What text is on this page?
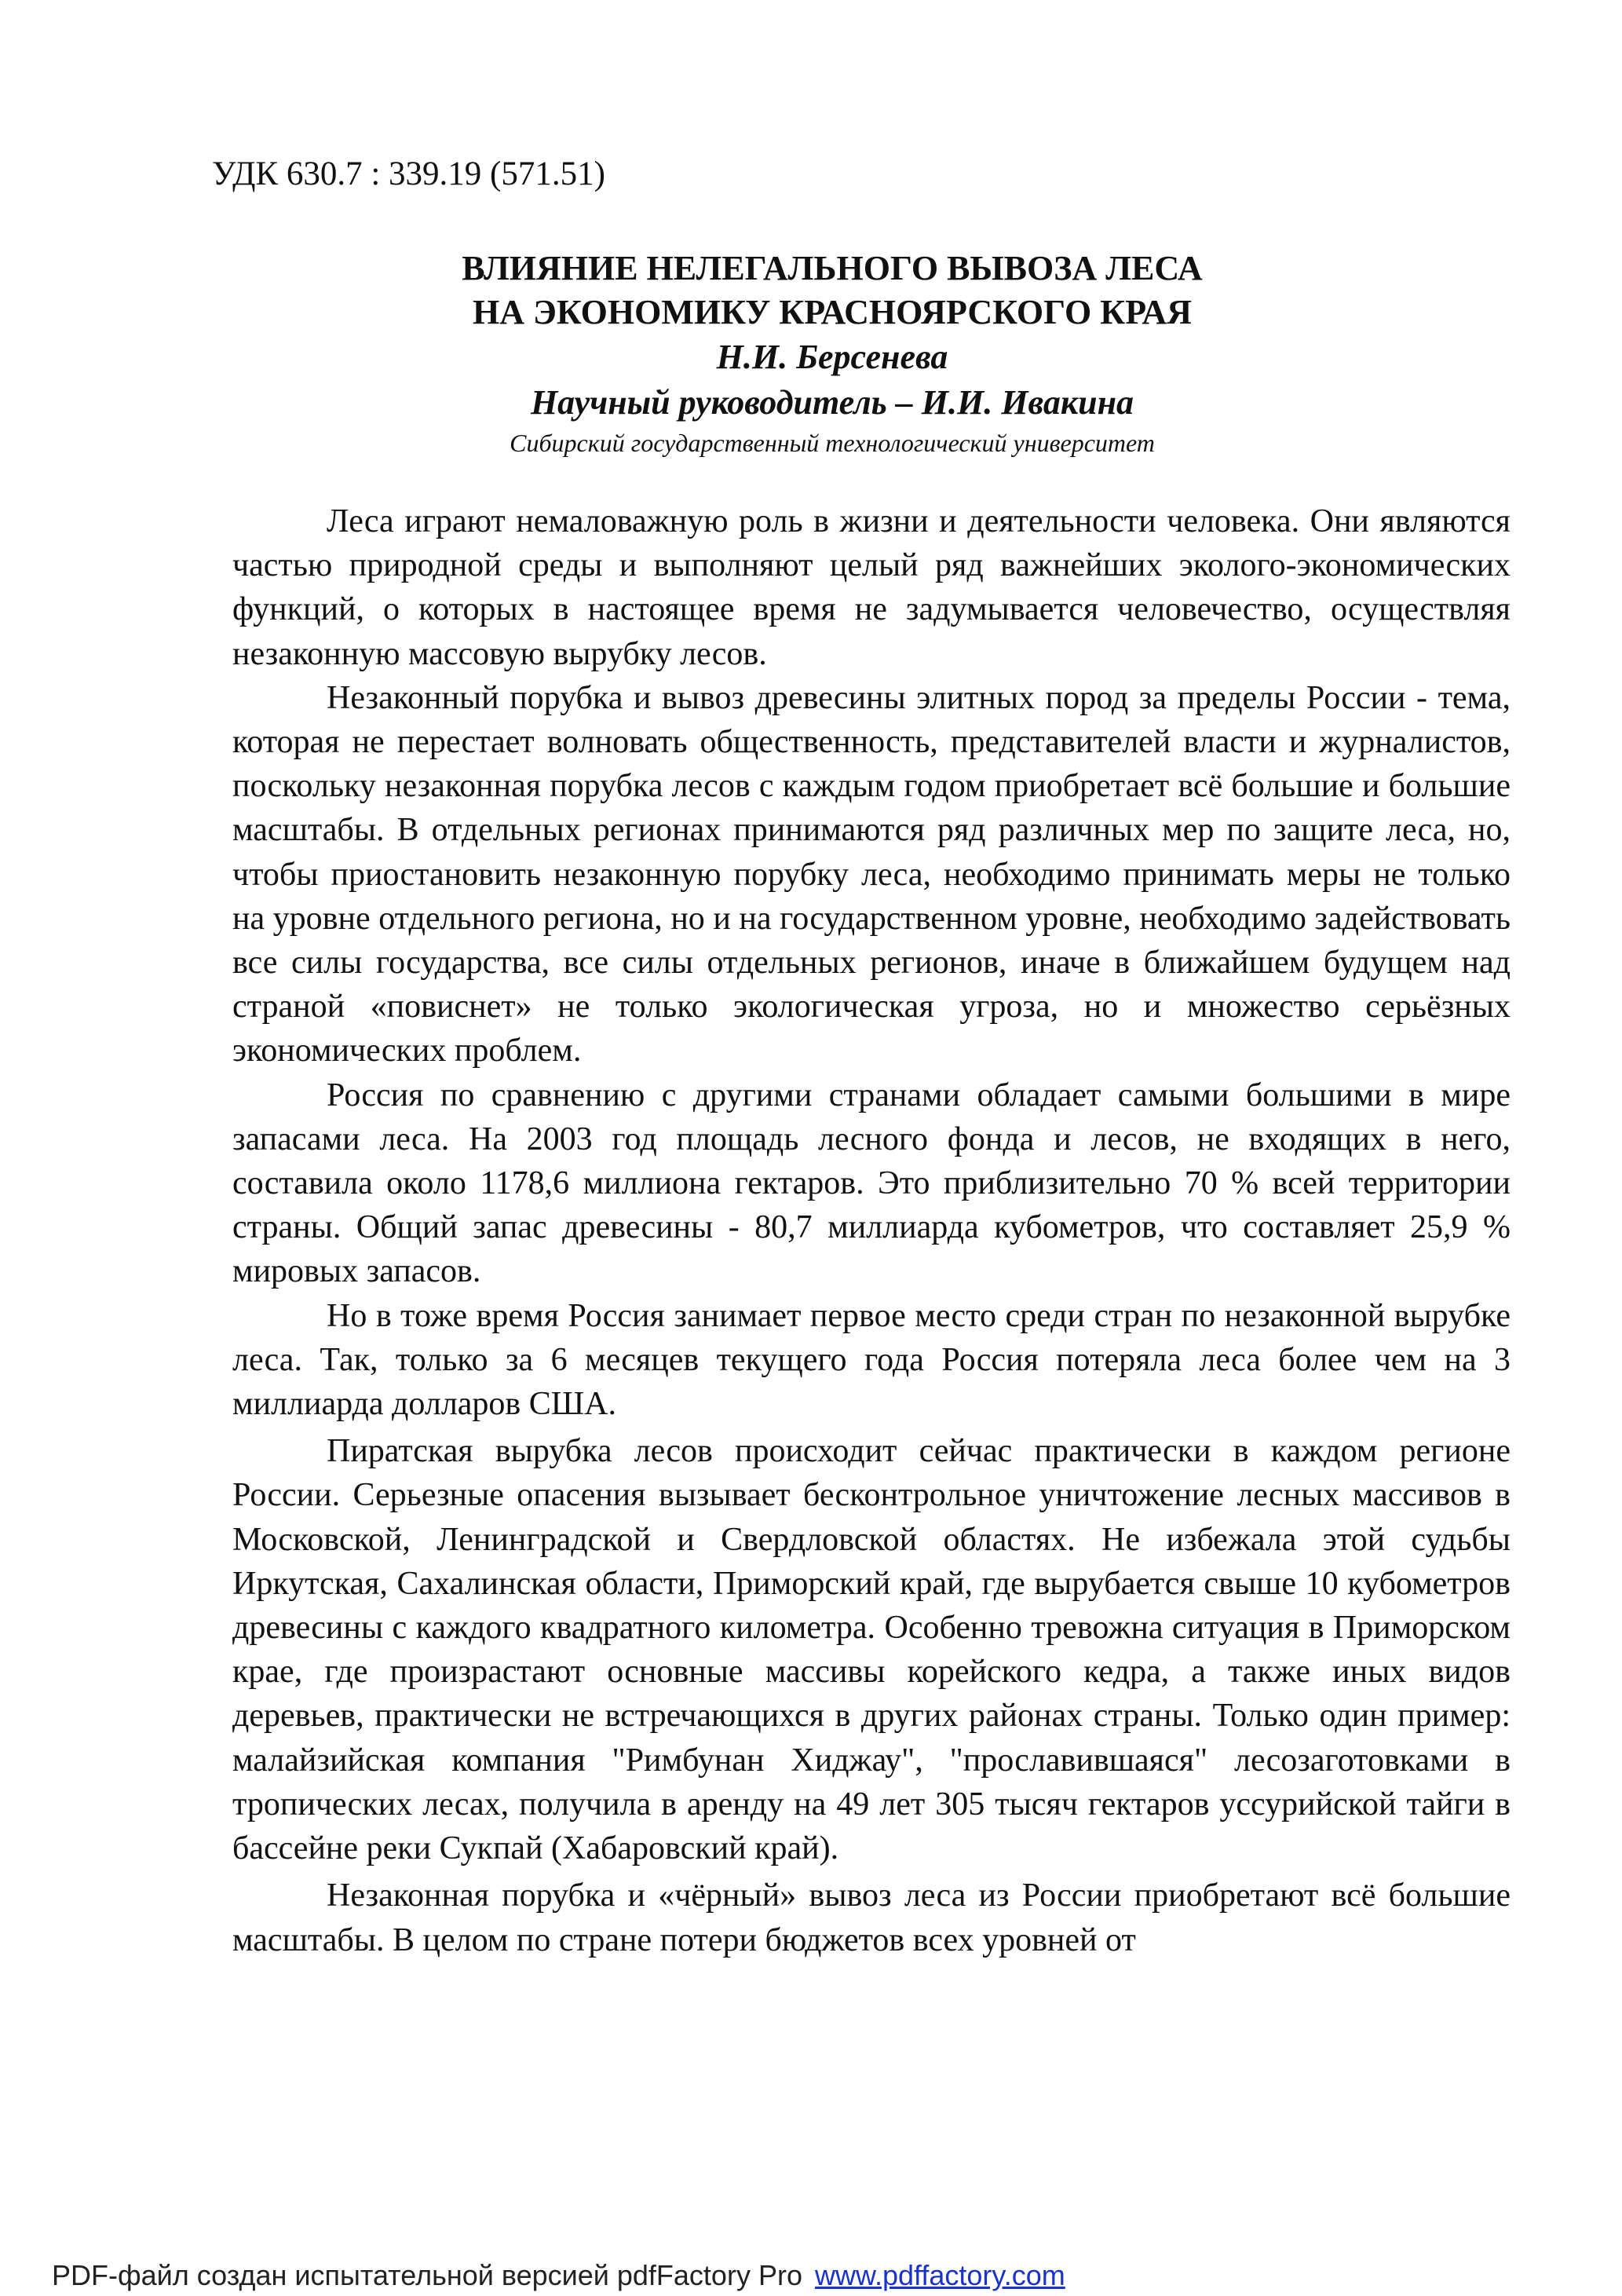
УДК 630.7 : 339.19 (571.51)

ВЛИЯНИЕ НЕЛЕГАЛЬНОГО ВЫВОЗА ЛЕСА

НА ЭКОНОМИКУ КРАСНОЯРСКОГО КРАЯ

Н.И. Берсенева

Научный руководитель – И.И. Ивакина

Сибирский государственный технологический университет

Леса играют немаловажную роль в жизни и деятельности человека. Они являются частью природной среды и выполняют целый ряд важнейших эколого-экономических функций, о которых в настоящее время не задумывается человечество, осуществляя незаконную массовую вырубку лесов.

Незаконный порубка и вывоз древесины элитных пород за пределы России - тема, которая не перестает волновать общественность, представителей власти и журналистов, поскольку незаконная порубка лесов с каждым годом приобретает всё большие и большие масштабы. В отдельных регионах принимаются ряд различных мер по защите леса, но, чтобы приостановить незаконную порубку леса, необходимо принимать меры не только на уровне отдельного региона, но и на государственном уровне, необходимо задействовать все силы государства, все силы отдельных регионов, иначе в ближайшем будущем над страной «повиснет» не только экологическая угроза, но и множество серьёзных экономических проблем.

Россия по сравнению с другими странами обладает самыми большими в мире запасами леса. На 2003 год площадь лесного фонда и лесов, не входящих в него, составила около 1178,6 миллиона гектаров. Это приблизительно 70 % всей территории страны. Общий запас древесины - 80,7 миллиарда кубометров, что составляет 25,9 % мировых запасов.

Но в тоже время Россия занимает первое место среди стран по незаконной вырубке леса. Так, только за 6 месяцев текущего года Россия потеряла леса более чем на 3 миллиарда долларов США.

Пиратская вырубка лесов происходит сейчас практически в каждом регионе России. Серьезные опасения вызывает бесконтрольное уничтожение лесных массивов в Московской, Ленинградской и Свердловской областях. Не избежала этой судьбы Иркутская, Сахалинская области, Приморский край, где вырубается свыше 10 кубометров древесины с каждого квадратного километра. Особенно тревожна ситуация в Приморском крае, где произрастают основные массивы корейского кедра, а также иных видов деревьев, практически не встречающихся в других районах страны. Только один пример: малайзийская компания "Римбунан Хиджау", "прославившаяся" лесозаготовками в тропических лесах, получила в аренду на 49 лет 305 тысяч гектаров уссурийской тайги в бассейне реки Сукпай (Хабаровский край).

Незаконная порубка и «чёрный» вывоз леса из России приобретают всё большие масштабы. В целом по стране потери бюджетов всех уровней от

PDF-файл создан испытательной версией pdfFactory Pro www.pdffactory.com
